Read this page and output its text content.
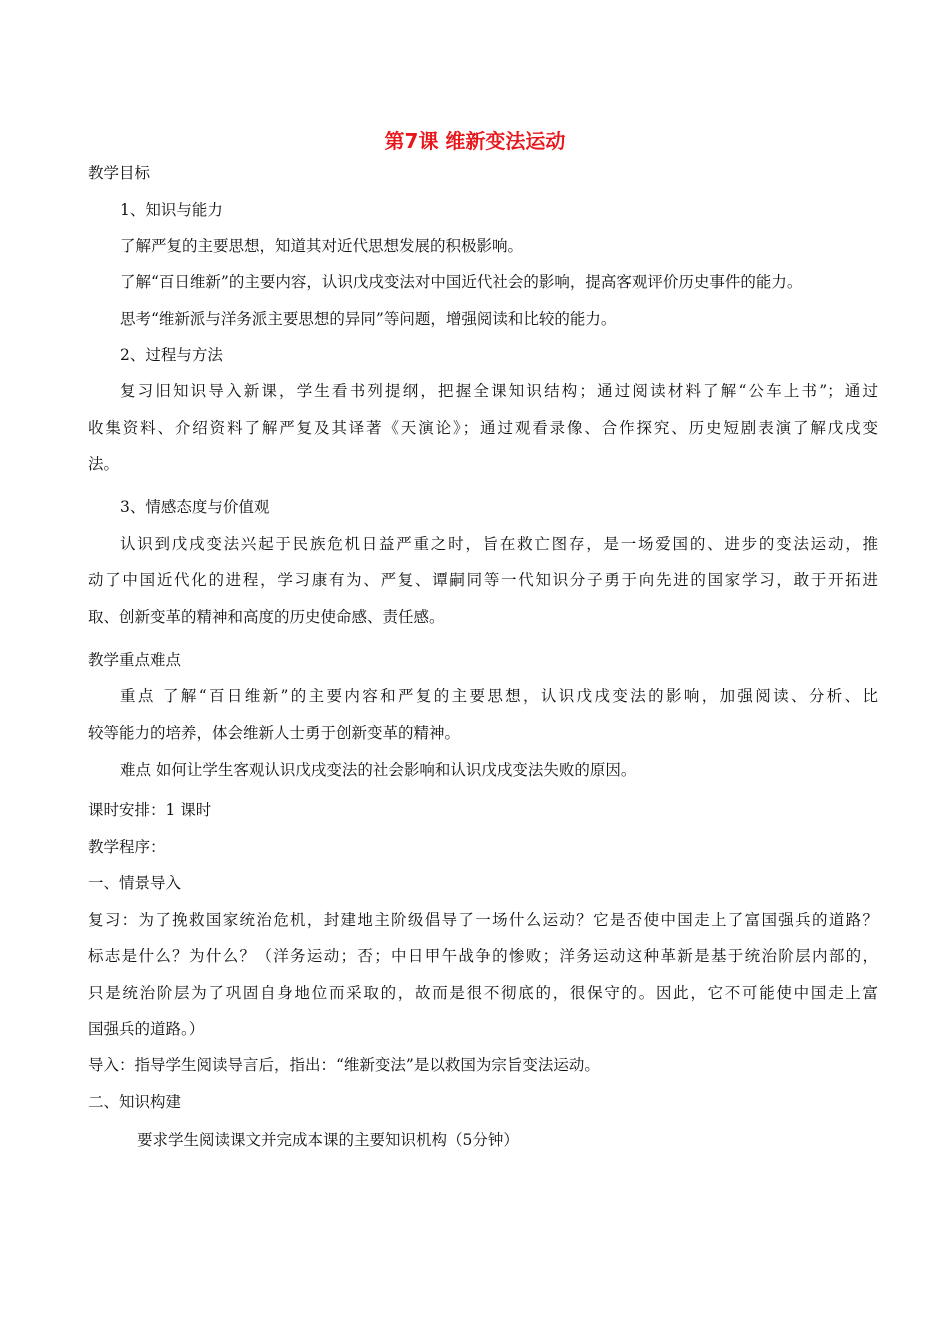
第7课 维新变法运动
教学目标
1、知识与能力
了解严复的主要思想，知道其对近代思想发展的积极影响。
了解“百日维新”的主要内容，认识戊戌变法对中国近代社会的影响，提高客观评价历史事件的能力。
思考“维新派与洋务派主要思想的异同”等问题，增强阅读和比较的能力。
2、过程与方法
复习旧知识导入新课，学生看书列提纲，把握全课知识结构；通过阅读材料了解“公车上书”；通过
收集资料、介绍资料了解严复及其译著《天演论》；通过观看录像、合作探究、历史短剧表演了解戊戌变
法。
3、情感态度与价值观
认识到戊戌变法兴起于民族危机日益严重之时，旨在救亡图存，是一场爱国的、进步的变法运动，推
动了中国近代化的进程，学习康有为、严复、谭嗣同等一代知识分子勇于向先进的国家学习，敢于开拓进
取、创新变革的精神和高度的历史使命感、责任感。
教学重点难点
重点 了解“百日维新”的主要内容和严复的主要思想，认识戊戌变法的影响，加强阅读、分析、比
较等能力的培养，体会维新人士勇于创新变革的精神。
难点 如何让学生客观认识戊戌变法的社会影响和认识戊戌变法失败的原因。
课时安排：1 课时
教学程序：
一、情景导入
复习：为了挽救国家统治危机，封建地主阶级倡导了一场什么运动？它是否使中国走上了富国强兵的道路？
标志是什么？为什么？（洋务运动；否；中日甲午战争的惨败；洋务运动这种革新是基于统治阶层内部的，
只是统治阶层为了巩固自身地位而采取的，故而是很不彻底的，很保守的。因此，它不可能使中国走上富
国强兵的道路。）
导入：指导学生阅读导言后，指出：“维新变法”是以救国为宗旨变法运动。
二、知识构建
要求学生阅读课文并完成本课的主要知识机构（5分钟）
